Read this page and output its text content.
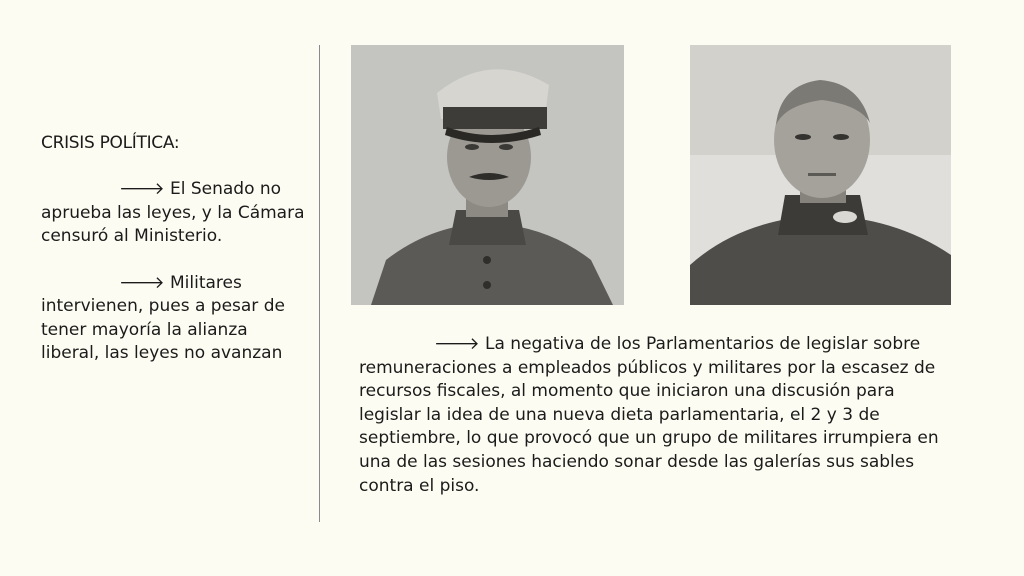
CRISIS POLÍTICA:

🡒 El Senado no aprueba las leyes, y la Cámara censuró al Ministerio.

🡒 Militares intervienen, pues a pesar de tener mayoría la alianza liberal, las leyes no avanzan	🡒 La negativa de los Parlamentarios de legislar sobre remuneraciones a empleados públicos y militares por la escasez de recursos fiscales, al momento que iniciaron una discusión para legislar la idea de una nueva dieta parlamentaria, el 2 y 3 de septiembre, lo que provocó que un grupo de militares irrumpiera en una de las sesiones haciendo sonar desde las galerías sus sables contra el piso.
